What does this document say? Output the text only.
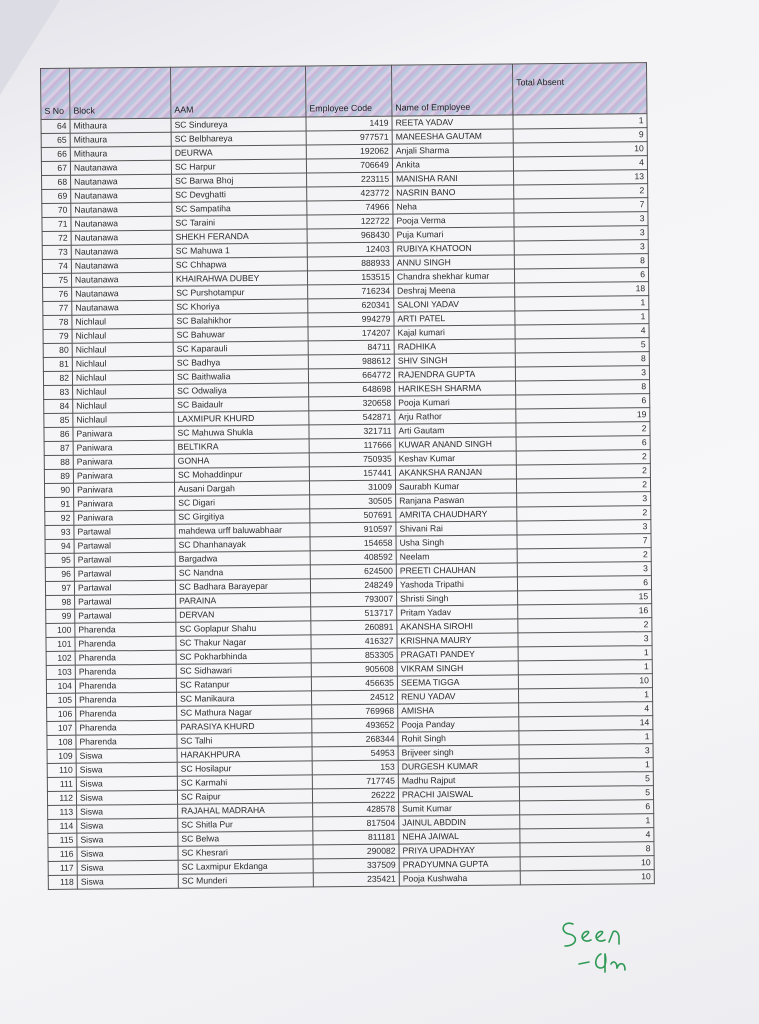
S No	Block	AAM	Employee Code	Name of Employee	Total Absent
64	Mithaura	SC Sindureya	1419	REETA YADAV	1
65	Mithaura	SC Belbhareya	977571	MANEESHA GAUTAM	9
66	Mithaura	DEURWA	192062	Anjali Sharma	10
67	Nautanawa	SC Harpur	706649	Ankita	4
68	Nautanawa	SC Barwa Bhoj	223115	MANISHA RANI	13
69	Nautanawa	SC Devghatti	423772	NASRIN BANO	2
70	Nautanawa	SC Sampatiha	74966	Neha	7
71	Nautanawa	SC Taraini	122722	Pooja Verma	3
72	Nautanawa	SHEKH FERANDA	968430	Puja Kumari	3
73	Nautanawa	SC Mahuwa 1	12403	RUBIYA KHATOON	3
74	Nautanawa	SC Chhapwa	888933	ANNU SINGH	8
75	Nautanawa	KHAIRAHWA DUBEY	153515	Chandra shekhar kumar	6
76	Nautanawa	SC Purshotampur	716234	Deshraj Meena	18
77	Nautanawa	SC Khoriya	620341	SALONI YADAV	1
78	Nichlaul	SC Balahikhor	994279	ARTI PATEL	1
79	Nichlaul	SC Bahuwar	174207	Kajal kumari	4
80	Nichlaul	SC Kaparauli	84711	RADHIKA	5
81	Nichlaul	SC Badhya	988612	SHIV SINGH	8
82	Nichlaul	SC Baithwalia	664772	RAJENDRA GUPTA	3
83	Nichlaul	SC Odwaliya	648698	HARIKESH SHARMA	8
84	Nichlaul	SC Baidaulr	320658	Pooja Kumari	6
85	Nichlaul	LAXMIPUR KHURD	542871	Arju Rathor	19
86	Paniwara	SC Mahuwa Shukla	321711	Arti Gautam	2
87	Paniwara	BELTIKRA	117666	KUWAR ANAND SINGH	6
88	Paniwara	GONHA	750935	Keshav Kumar	2
89	Paniwara	SC Mohaddinpur	157441	AKANKSHA RANJAN	2
90	Paniwara	Ausani Dargah	31009	Saurabh Kumar	2
91	Paniwara	SC Digari	30505	Ranjana Paswan	3
92	Paniwara	SC Girgitiya	507691	AMRITA CHAUDHARY	2
93	Partawal	mahdewa urff baluwabhaar	910597	Shivani Rai	3
94	Partawal	SC Dhanhanayak	154658	Usha Singh	7
95	Partawal	Bargadwa	408592	Neelam	2
96	Partawal	SC Nandna	624500	PREETI CHAUHAN	3
97	Partawal	SC Badhara Barayepar	248249	Yashoda Tripathi	6
98	Partawal	PARAINA	793007	Shristi Singh	15
99	Partawal	DERVAN	513717	Pritam Yadav	16
100	Pharenda	SC Goplapur Shahu	260891	AKANSHA SIROHI	2
101	Pharenda	SC Thakur Nagar	416327	KRISHNA MAURY	3
102	Pharenda	SC Pokharbhinda	853305	PRAGATI PANDEY	1
103	Pharenda	SC Sidhawari	905608	VIKRAM SINGH	1
104	Pharenda	SC Ratanpur	456635	SEEMA TIGGA	10
105	Pharenda	SC Manikaura	24512	RENU YADAV	1
106	Pharenda	SC Mathura Nagar	769968	AMISHA	4
107	Pharenda	PARASIYA KHURD	493652	Pooja Panday	14
108	Pharenda	SC Talhi	268344	Rohit Singh	1
109	Siswa	HARAKHPURA	54953	Brijveer singh	3
110	Siswa	SC Hosilapur	153	DURGESH KUMAR	1
111	Siswa	SC Karmahi	717745	Madhu Rajput	5
112	Siswa	SC Raipur	26222	PRACHI JAISWAL	5
113	Siswa	RAJAHAL MADRAHA	428578	Sumit Kumar	6
114	Siswa	SC Shitla Pur	817504	JAINUL ABDDIN	1
115	Siswa	SC Belwa	811181	NEHA JAIWAL	4
116	Siswa	SC Khesrari	290082	PRIYA UPADHYAY	8
117	Siswa	SC Laxmipur Ekdanga	337509	PRADYUMNA GUPTA	10
118	Siswa	SC Munderi	235421	Pooja Kushwaha	10
